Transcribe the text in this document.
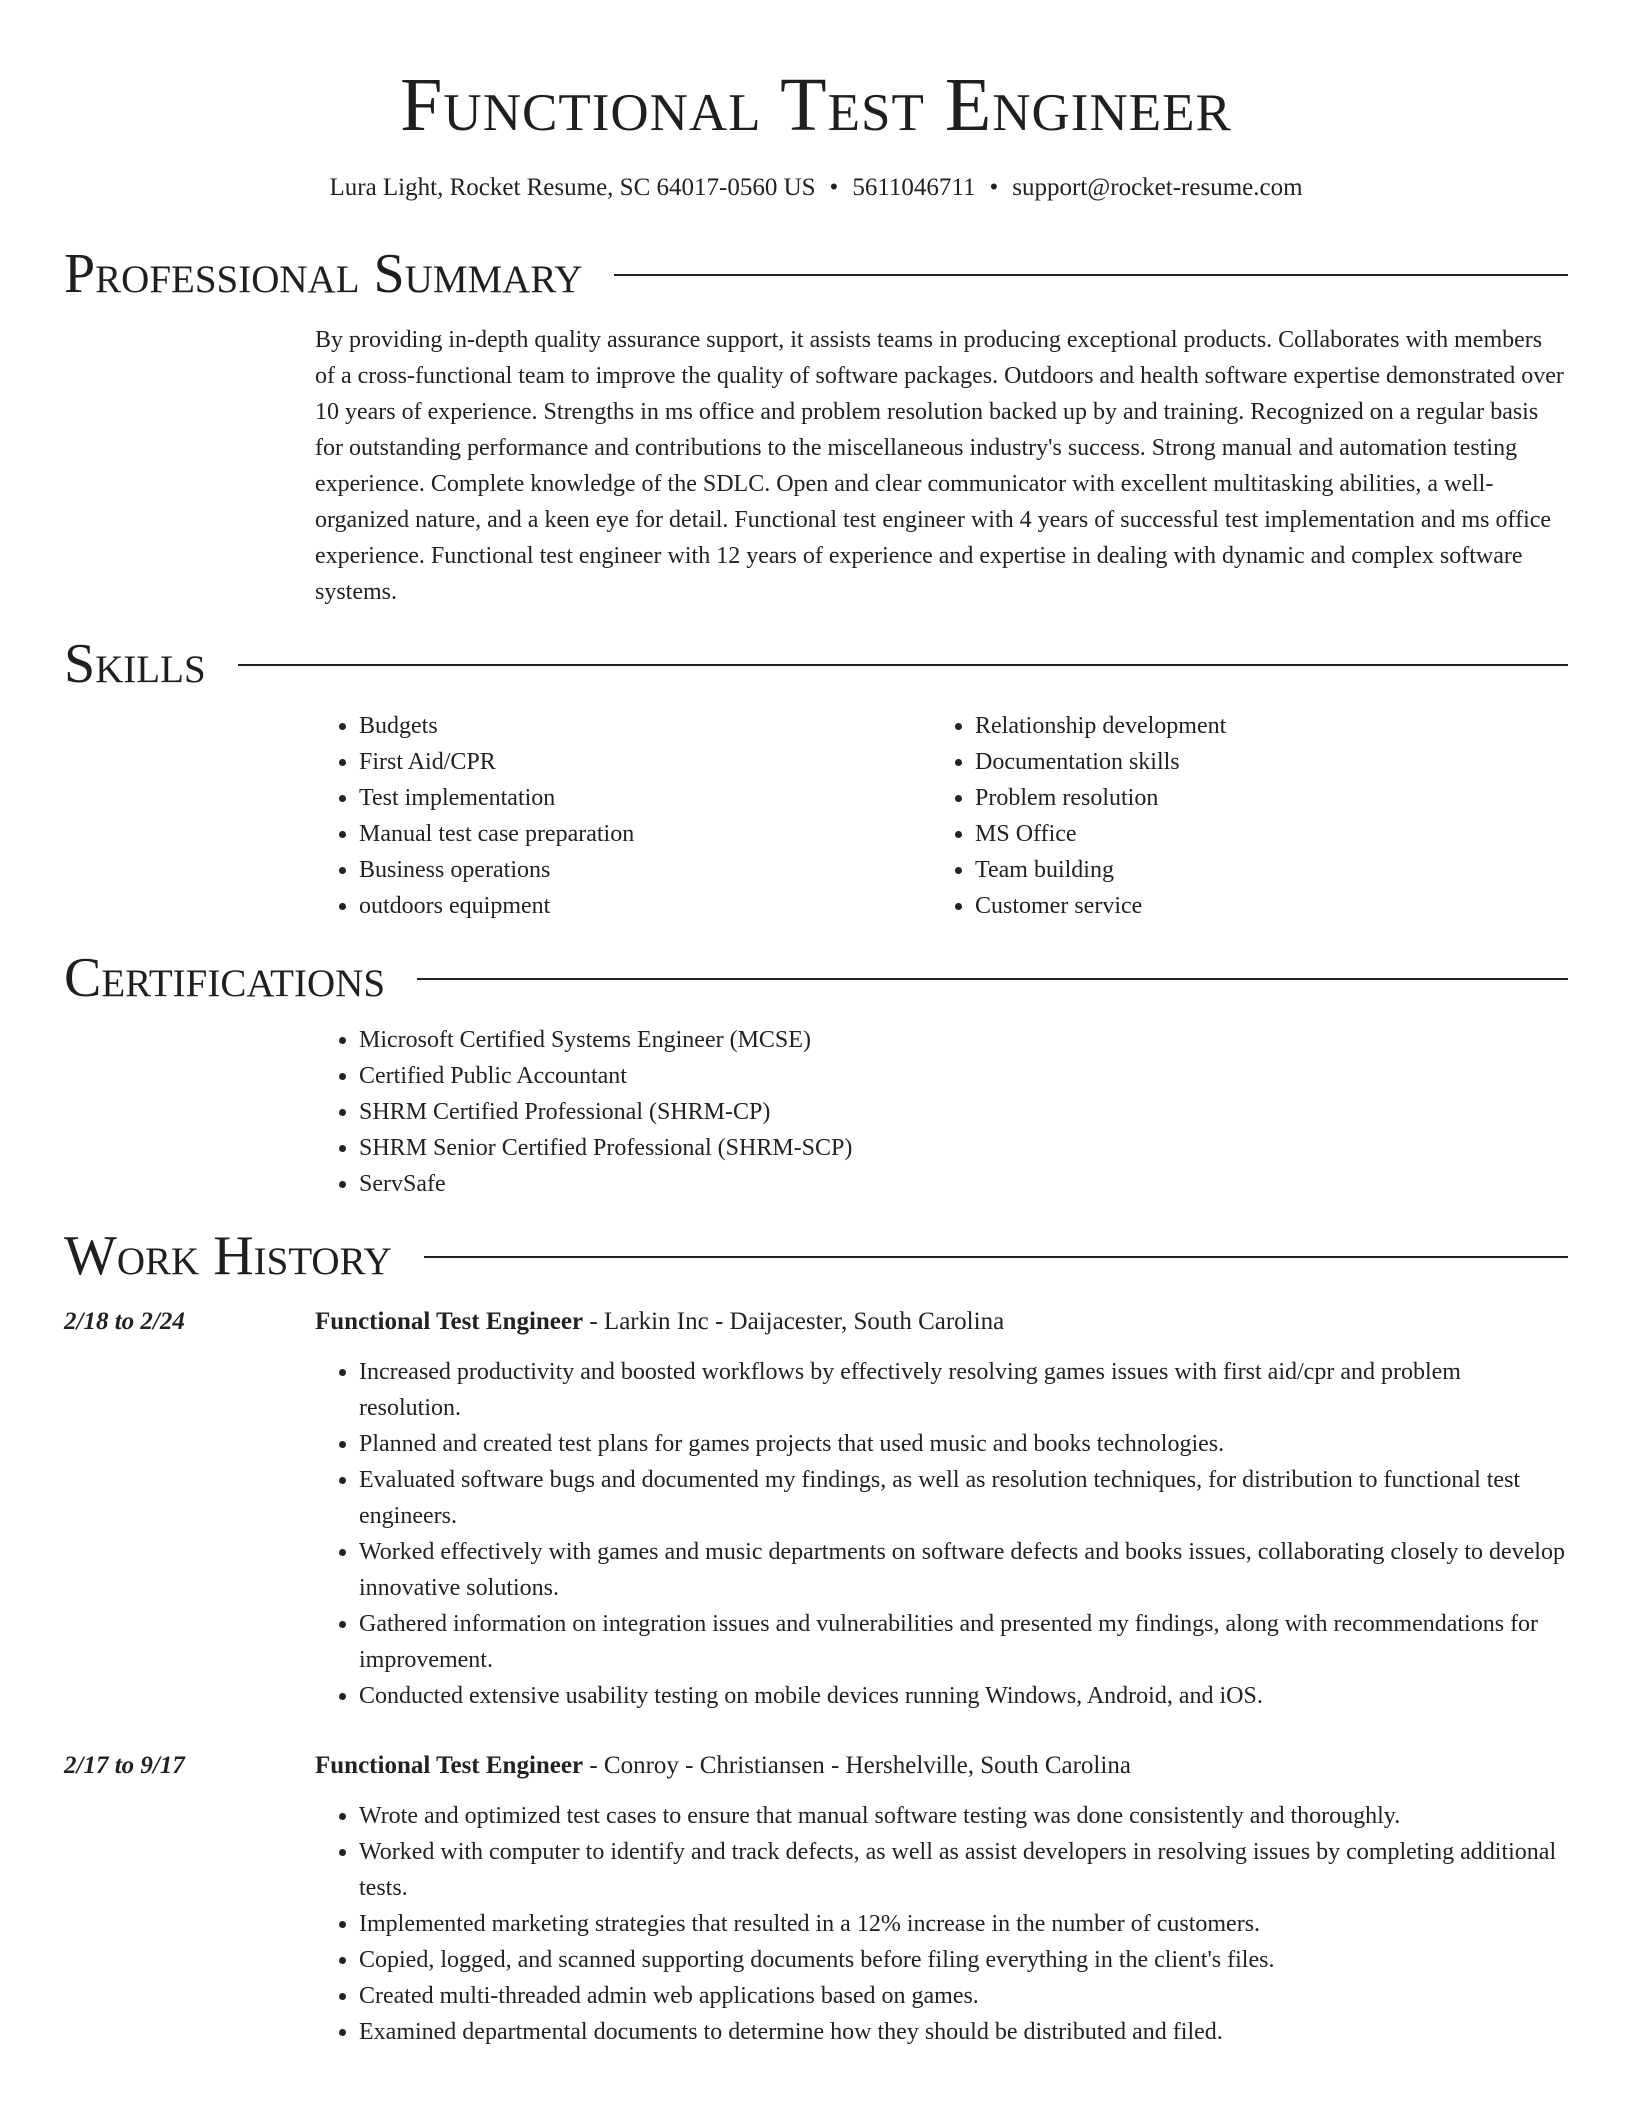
Functional Test Engineer
Lura Light, Rocket Resume, SC 64017-0560 US • 5611046711 • support@rocket-resume.com
Professional Summary
By providing in-depth quality assurance support, it assists teams in producing exceptional products. Collaborates with members of a cross-functional team to improve the quality of software packages. Outdoors and health software expertise demonstrated over 10 years of experience. Strengths in ms office and problem resolution backed up by and training. Recognized on a regular basis for outstanding performance and contributions to the miscellaneous industry's success. Strong manual and automation testing experience. Complete knowledge of the SDLC. Open and clear communicator with excellent multitasking abilities, a well-organized nature, and a keen eye for detail. Functional test engineer with 4 years of successful test implementation and ms office experience. Functional test engineer with 12 years of experience and expertise in dealing with dynamic and complex software systems.
Skills
• Budgets
• First Aid/CPR
• Test implementation
• Manual test case preparation
• Business operations
• outdoors equipment
• Relationship development
• Documentation skills
• Problem resolution
• MS Office
• Team building
• Customer service
Certifications
• Microsoft Certified Systems Engineer (MCSE)
• Certified Public Accountant
• SHRM Certified Professional (SHRM-CP)
• SHRM Senior Certified Professional (SHRM-SCP)
• ServSafe
Work History
2/18 to 2/24	Functional Test Engineer - Larkin Inc - Daijacester, South Carolina
• Increased productivity and boosted workflows by effectively resolving games issues with first aid/cpr and problem resolution.
• Planned and created test plans for games projects that used music and books technologies.
• Evaluated software bugs and documented my findings, as well as resolution techniques, for distribution to functional test engineers.
• Worked effectively with games and music departments on software defects and books issues, collaborating closely to develop innovative solutions.
• Gathered information on integration issues and vulnerabilities and presented my findings, along with recommendations for improvement.
• Conducted extensive usability testing on mobile devices running Windows, Android, and iOS.
2/17 to 9/17	Functional Test Engineer - Conroy - Christiansen - Hershelville, South Carolina
• Wrote and optimized test cases to ensure that manual software testing was done consistently and thoroughly.
• Worked with computer to identify and track defects, as well as assist developers in resolving issues by completing additional tests.
• Implemented marketing strategies that resulted in a 12% increase in the number of customers.
• Copied, logged, and scanned supporting documents before filing everything in the client's files.
• Created multi-threaded admin web applications based on games.
• Examined departmental documents to determine how they should be distributed and filed.
